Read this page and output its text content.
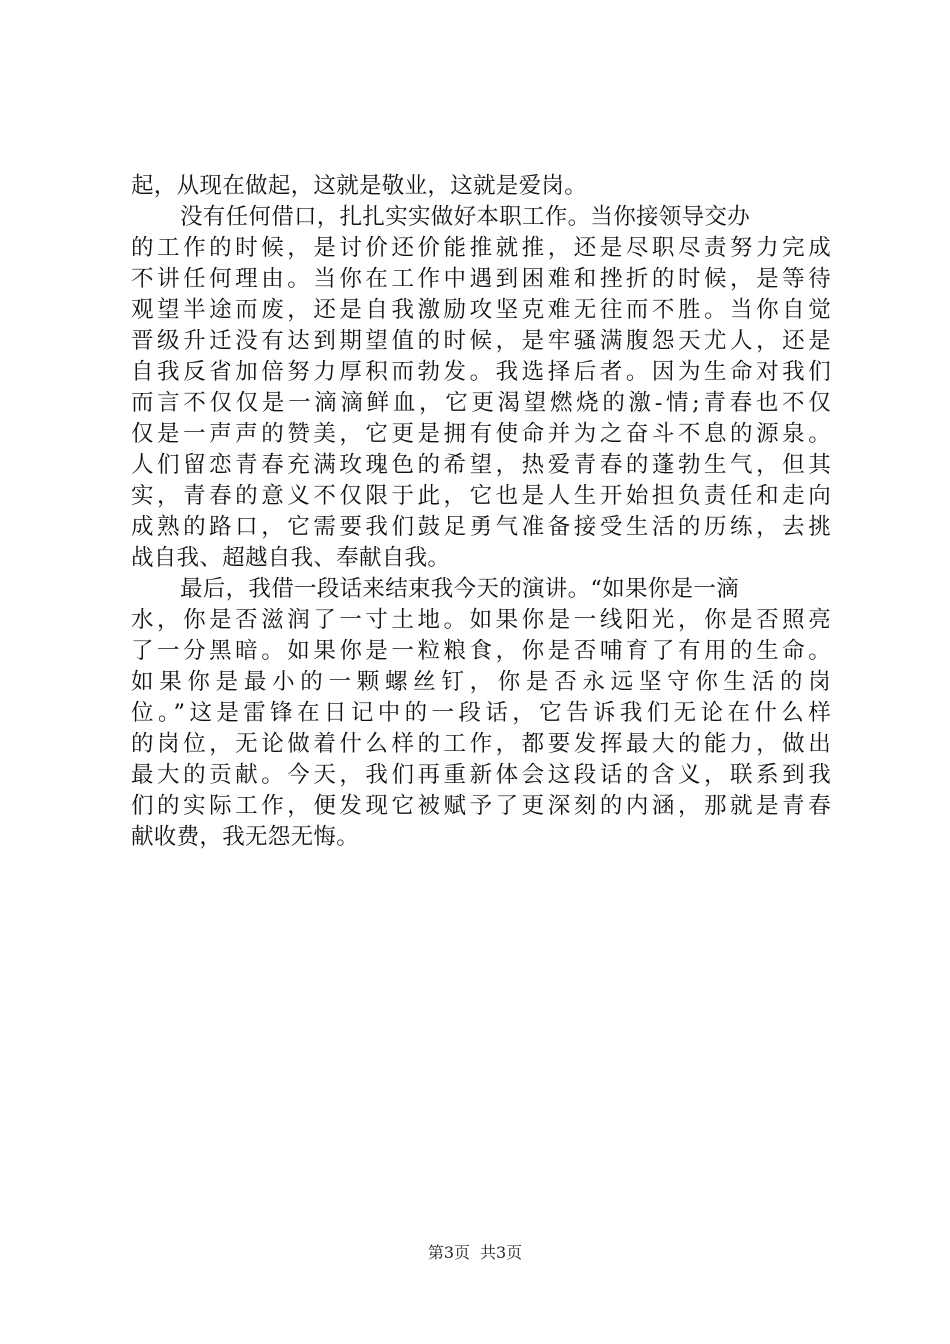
起，从现在做起，这就是敬业，这就是爱岗。
没有任何借口，扎扎实实做好本职工作。当你接领导交办
的工作的时候，是讨价还价能推就推，还是尽职尽责努力完成
不讲任何理由。当你在工作中遇到困难和挫折的时候，是等待
观望半途而废，还是自我激励攻坚克难无往而不胜。当你自觉
晋级升迁没有达到期望值的时候，是牢骚满腹怨天尤人，还是
自我反省加倍努力厚积而勃发。我选择后者。因为生命对我们
而言不仅仅是一滴滴鲜血，它更渴望燃烧的激-情;青春也不仅
仅是一声声的赞美，它更是拥有使命并为之奋斗不息的源泉。
人们留恋青春充满玫瑰色的希望，热爱青春的蓬勃生气，但其
实，青春的意义不仅限于此，它也是人生开始担负责任和走向
成熟的路口，它需要我们鼓足勇气准备接受生活的历练，去挑
战自我、超越自我、奉献自我。
最后，我借一段话来结束我今天的演讲。“如果你是一滴
水，你是否滋润了一寸土地。如果你是一线阳光，你是否照亮
了一分黑暗。如果你是一粒粮食，你是否哺育了有用的生命。
如果你是最小的一颗螺丝钉，你是否永远坚守你生活的岗
位。”这是雷锋在日记中的一段话，它告诉我们无论在什么样
的岗位，无论做着什么样的工作，都要发挥最大的能力，做出
最大的贡献。今天，我们再重新体会这段话的含义，联系到我
们的实际工作，便发现它被赋予了更深刻的内涵，那就是青春
献收费，我无怨无悔。
第3页 共3页
